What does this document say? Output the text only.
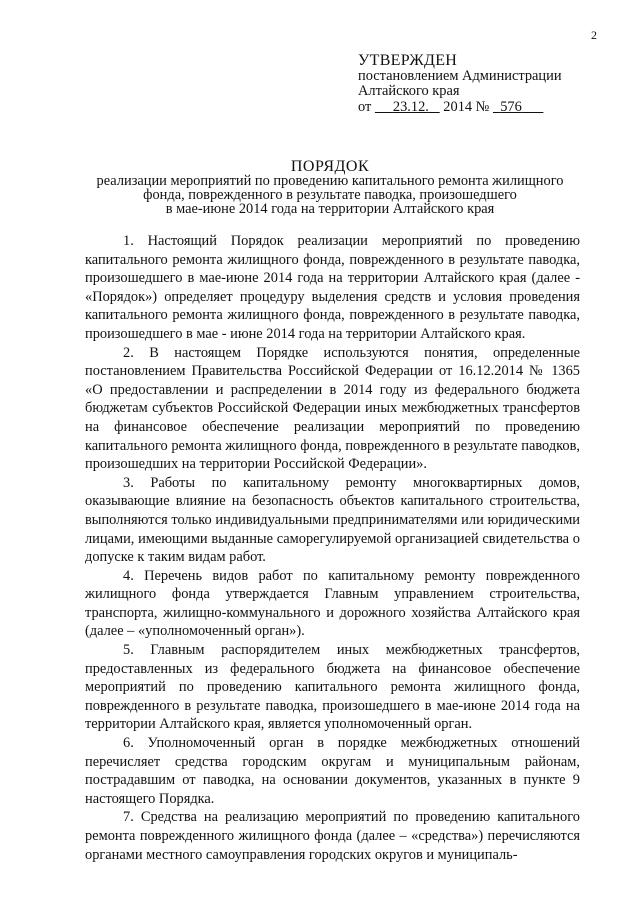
2
УТВЕРЖДЕН
постановлением Администрации
Алтайского края
от 23.12. 2014 № 576
ПОРЯДОК
реализации мероприятий по проведению капитального ремонта жилищного
фонда, поврежденного в результате паводка, произошедшего
в мае-июне 2014 года на территории Алтайского края

1. Настоящий Порядок реализации мероприятий по проведению капитального ремонта жилищного фонда, поврежденного в результате паводка, произошедшего в мае-июне 2014 года на территории Алтайского края (далее - «Порядок») определяет процедуру выделения средств и условия проведения капитального ремонта жилищного фонда, поврежденного в результате паводка, произошедшего в мае - июне 2014 года на территории Алтайского края.

2. В настоящем Порядке используются понятия, определенные постановлением Правительства Российской Федерации от 16.12.2014 № 1365 «О предоставлении и распределении в 2014 году из федерального бюджета бюджетам субъектов Российской Федерации иных межбюджетных трансфертов на финансовое обеспечение реализации мероприятий по проведению капитального ремонта жилищного фонда, поврежденного в результате паводков, произошедших на территории Российской Федерации».

3. Работы по капитальному ремонту многоквартирных домов, оказывающие влияние на безопасность объектов капитального строительства, выполняются только индивидуальными предпринимателями или юридическими лицами, имеющими выданные саморегулируемой организацией свидетельства о допуске к таким видам работ.

4. Перечень видов работ по капитальному ремонту поврежденного жилищного фонда утверждается Главным управлением строительства, транспорта, жилищно-коммунального и дорожного хозяйства Алтайского края (далее – «уполномоченный орган»).

5. Главным распорядителем иных межбюджетных трансфертов, предоставленных из федерального бюджета на финансовое обеспечение мероприятий по проведению капитального ремонта жилищного фонда, поврежденного в результате паводка, произошедшего в мае-июне 2014 года на территории Алтайского края, является уполномоченный орган.

6. Уполномоченный орган в порядке межбюджетных отношений перечисляет средства городским округам и муниципальным районам, пострадавшим от паводка, на основании документов, указанных в пункте 9 настоящего Порядка.

7. Средства на реализацию мероприятий по проведению капитального ремонта поврежденного жилищного фонда (далее – «средства») перечисляются органами местного самоуправления городских округов и муниципаль-
